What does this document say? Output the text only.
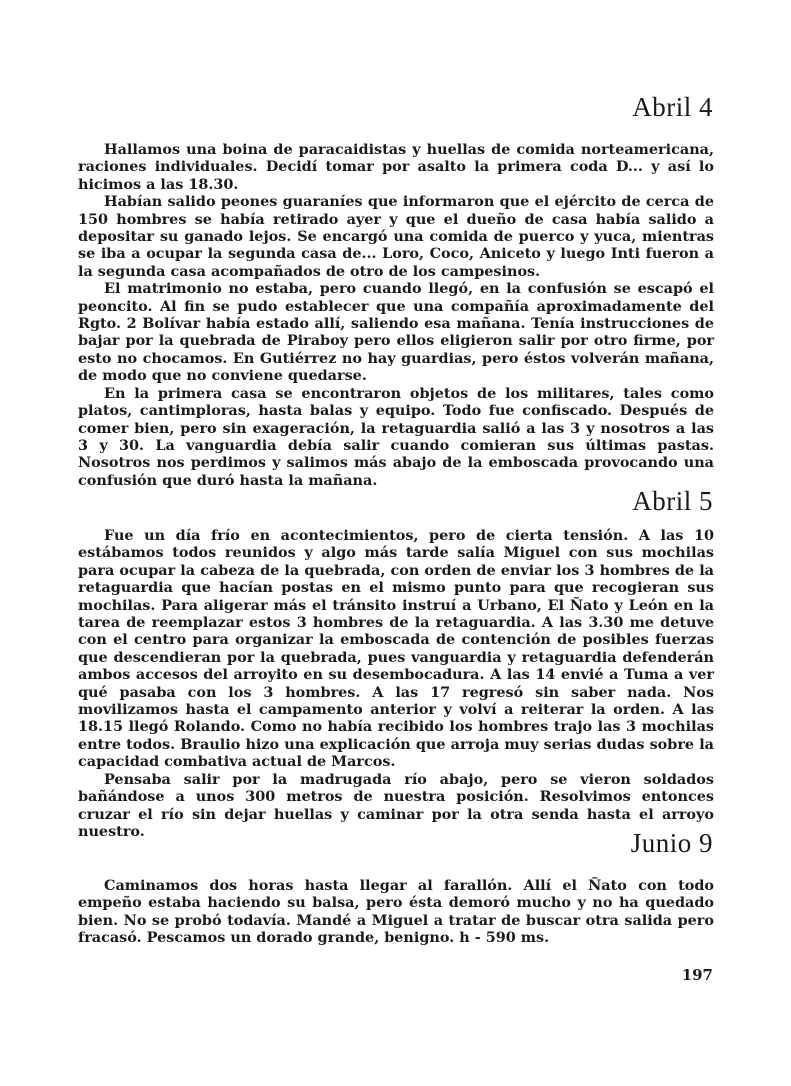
Abril 4

Hallamos una boina de paracaidistas y huellas de comida norteamericana, raciones individuales. Decidí tomar por asalto la primera coda D... y así lo hicimos a las 18.30.

Habían salido peones guaraníes que informaron que el ejército de cerca de 150 hombres se había retirado ayer y que el dueño de casa había salido a depositar su ganado lejos. Se encargó una comida de puerco y yuca, mientras se iba a ocupar la segunda casa de... Loro, Coco, Aniceto y luego Inti fueron a la segunda casa acompañados de otro de los campesinos.

El matrimonio no estaba, pero cuando llegó, en la confusión se escapó el peoncito. Al fin se pudo establecer que una compañía aproximadamente del Rgto. 2 Bolívar había estado allí, saliendo esa mañana. Tenía instrucciones de bajar por la quebrada de Piraboy pero ellos eligieron salir por otro firme, por esto no chocamos. En Gutiérrez no hay guardias, pero éstos volverán mañana, de modo que no conviene quedarse.

En la primera casa se encontraron objetos de los militares, tales como platos, cantimploras, hasta balas y equipo. Todo fue confiscado. Después de comer bien, pero sin exageración, la retaguardia salió a las 3 y nosotros a las 3 y 30. La vanguardia debía salir cuando comieran sus últimas pastas. Nosotros nos perdimos y salimos más abajo de la emboscada provocando una confusión que duró hasta la mañana.

Abril 5

Fue un día frío en acontecimientos, pero de cierta tensión. A las 10 estábamos todos reunidos y algo más tarde salía Miguel con sus mochilas para ocupar la cabeza de la quebrada, con orden de enviar los 3 hombres de la retaguardia que hacían postas en el mismo punto para que recogieran sus mochilas. Para aligerar más el tránsito instruí a Urbano, El Ñato y León en la tarea de reemplazar estos 3 hombres de la retaguardia. A las 3.30 me detuve con el centro para organizar la emboscada de contención de posibles fuerzas que descendieran por la quebrada, pues vanguardia y retaguardia defenderán ambos accesos del arroyito en su desembocadura. A las 14 envié a Tuma a ver qué pasaba con los 3 hombres. A las 17 regresó sin saber nada. Nos movilizamos hasta el campamento anterior y volví a reiterar la orden. A las 18.15 llegó Rolando. Como no había recibido los hombres trajo las 3 mochilas entre todos. Braulio hizo una explicación que arroja muy serias dudas sobre la capacidad combativa actual de Marcos.

Pensaba salir por la madrugada río abajo, pero se vieron soldados bañándose a unos 300 metros de nuestra posición. Resolvimos entonces cruzar el río sin dejar huellas y caminar por la otra senda hasta el arroyo nuestro.	Junio 9

Caminamos dos horas hasta llegar al farallón. Allí el Ñato con todo empeño estaba haciendo su balsa, pero ésta demoró mucho y no ha quedado bien. No se probó todavía. Mandé a Miguel a tratar de buscar otra salida pero fracasó. Pescamos un dorado grande, benigno. h - 590 ms.

197
